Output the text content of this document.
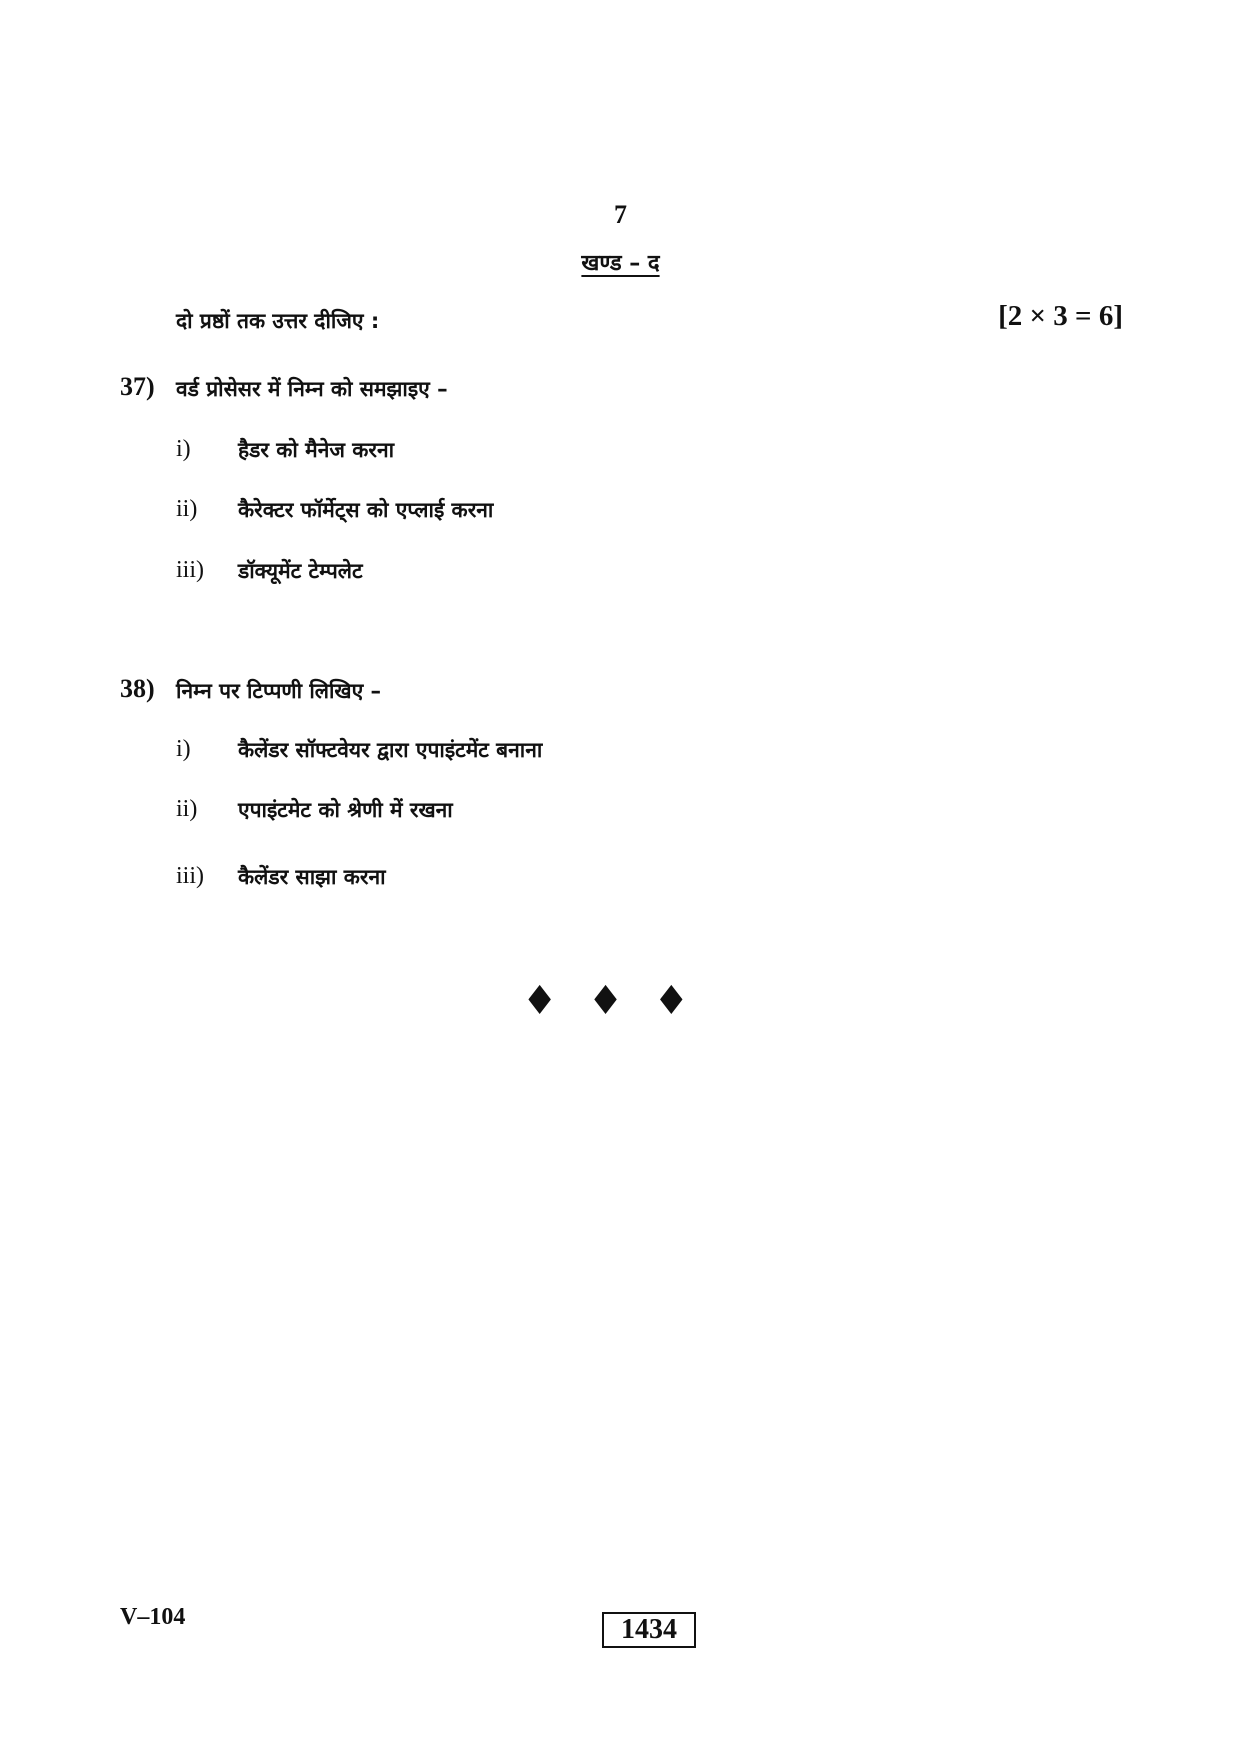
7
खण्ड – द
दो प्रष्ठों तक उत्तर दीजिए :	[2 × 3 = 6]
37) वर्ड प्रोसेसर में निम्न को समझाइए –
i) हैडर को मैनेज करना
ii) कैरेक्टर फॉर्मेट्स को एप्लाई करना
iii) डॉक्यूमेंट टेम्पलेट
38) निम्न पर टिप्पणी लिखिए –
i) कैलेंडर सॉफ्टवेयर द्वारा एपाइंटमेंट बनाना
ii) एपाइंटमेट को श्रेणी में रखना
iii) कैलेंडर साझा करना
♦♦♦
V–104	1434
